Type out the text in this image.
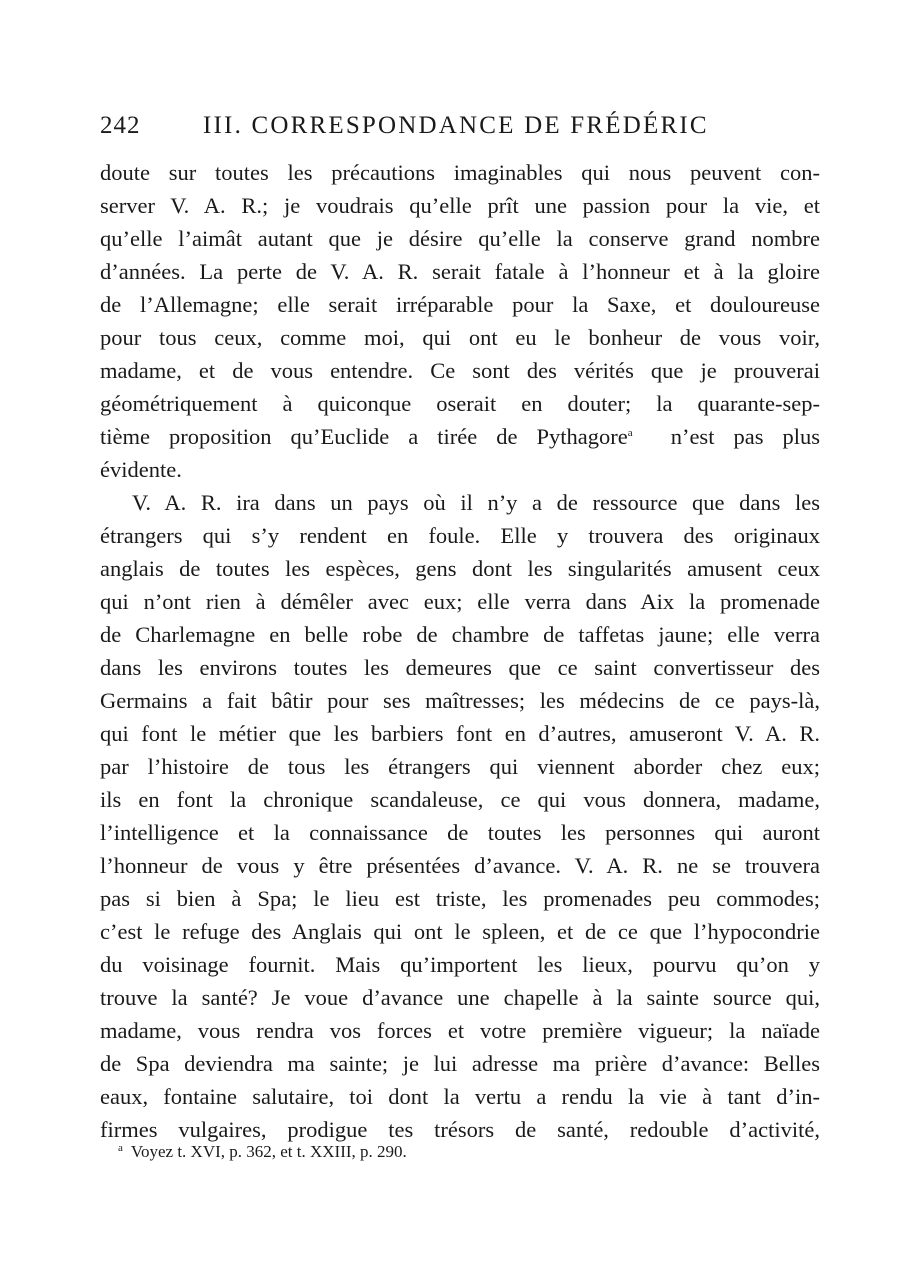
242	III. CORRESPONDANCE DE FRÉDÉRIC
doute sur toutes les précautions imaginables qui nous peuvent con-
server V. A. R.; je voudrais qu’elle prît une passion pour la vie, et
qu’elle l’aimât autant que je désire qu’elle la conserve grand nombre
d’années. La perte de V. A. R. serait fatale à l’honneur et à la gloire
de l’Allemagne; elle serait irréparable pour la Saxe, et douloureuse
pour tous ceux, comme moi, qui ont eu le bonheur de vous voir,
madame, et de vous entendre. Ce sont des vérités que je prouverai
géométriquement à quiconque oserait en douter; la quarante-sep-
tième proposition qu’Euclide a tirée de Pythagore$^a$ n’est pas plus
évidente.
V. A. R. ira dans un pays où il n’y a de ressource que dans les
étrangers qui s’y rendent en foule. Elle y trouvera des originaux
anglais de toutes les espèces, gens dont les singularités amusent ceux
qui n’ont rien à démêler avec eux; elle verra dans Aix la promenade
de Charlemagne en belle robe de chambre de taffetas jaune; elle verra
dans les environs toutes les demeures que ce saint convertisseur des
Germains a fait bâtir pour ses maîtresses; les médecins de ce pays-là,
qui font le métier que les barbiers font en d’autres, amuseront V. A. R.
par l’histoire de tous les étrangers qui viennent aborder chez eux;
ils en font la chronique scandaleuse, ce qui vous donnera, madame,
l’intelligence et la connaissance de toutes les personnes qui auront
l’honneur de vous y être présentées d’avance. V. A. R. ne se trouvera
pas si bien à Spa; le lieu est triste, les promenades peu commodes;
c’est le refuge des Anglais qui ont le spleen, et de ce que l’hypocondrie
du voisinage fournit. Mais qu’importent les lieux, pourvu qu’on y
trouve la santé? Je voue d’avance une chapelle à la sainte source qui,
madame, vous rendra vos forces et votre première vigueur; la naïade
de Spa deviendra ma sainte; je lui adresse ma prière d’avance: Belles
eaux, fontaine salutaire, toi dont la vertu a rendu la vie à tant d’in-
firmes vulgaires, prodigue tes trésors de santé, redouble d’activité,
$^a$ Voyez t. XVI, p. 362, et t. XXIII, p. 290.
